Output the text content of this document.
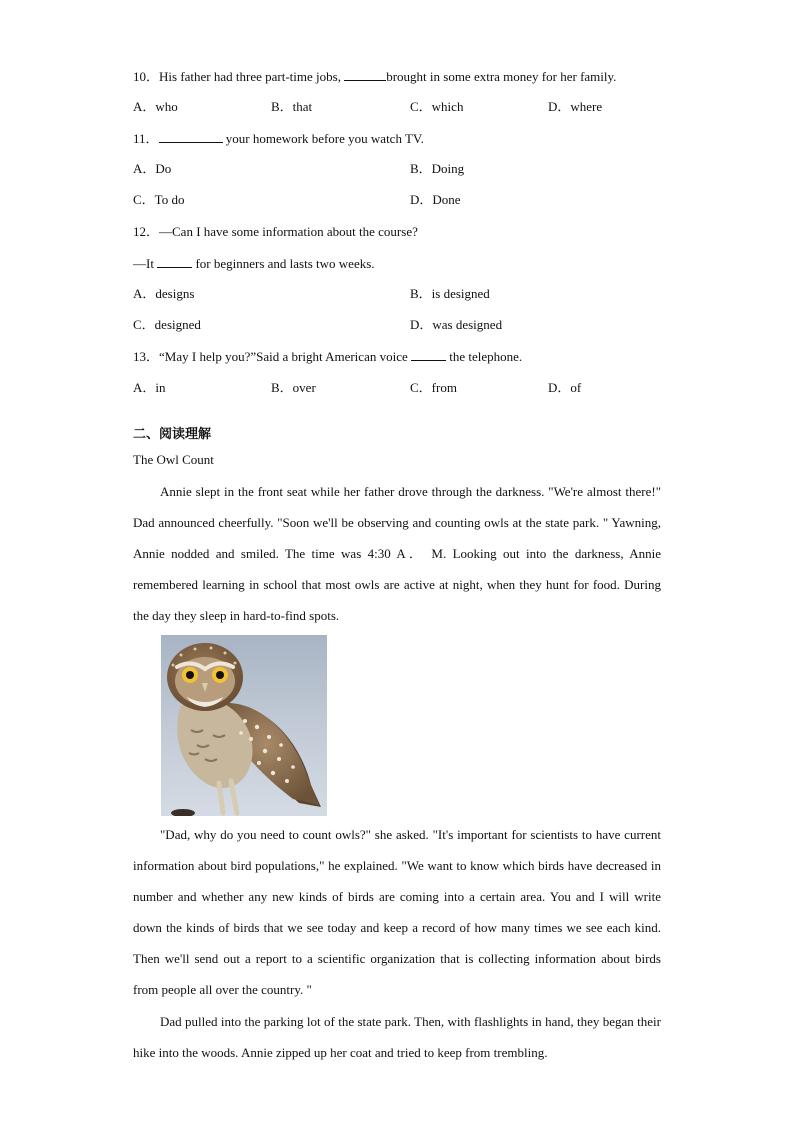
10．His father had three part-time jobs,	brought in some extra money for her family.
A．who	B．that	C．which	D．where
11．	your homework before you watch TV.
A．Do	B．Doing
C．To do	D．Done
12．—Can I have some information about the course?
—It	for beginners and lasts two weeks.
A．designs	B．is designed
C．designed	D．was designed
13．“May I help you?”Said a bright American voice	the telephone.
A．in	B．over	C．from	D．of
二、阅读理解
The Owl Count
Annie slept in the front seat while her father drove through the darkness. "We're almost there!" Dad announced cheerfully. "Soon we'll be observing and counting owls at the state park. " Yawning, Annie nodded and smiled. The time was 4:30 A． M. Looking out into the darkness, Annie remembered learning in school that most owls are active at night, when they hunt for food. During the day they sleep in hard-to-find spots.
"Dad, why do you need to count owls?" she asked. "It's important for scientists to have current information about bird populations," he explained. "We want to know which birds have decreased in number and whether any new kinds of birds are coming into a certain area. You and I will write down the kinds of birds that we see today and keep a record of how many times we see each kind. Then we'll send out a report to a scientific organization that is collecting information about birds from people all over the country. "
Dad pulled into the parking lot of the state park. Then, with flashlights in hand, they began their hike into the woods. Annie zipped up her coat and tried to keep from trembling.
